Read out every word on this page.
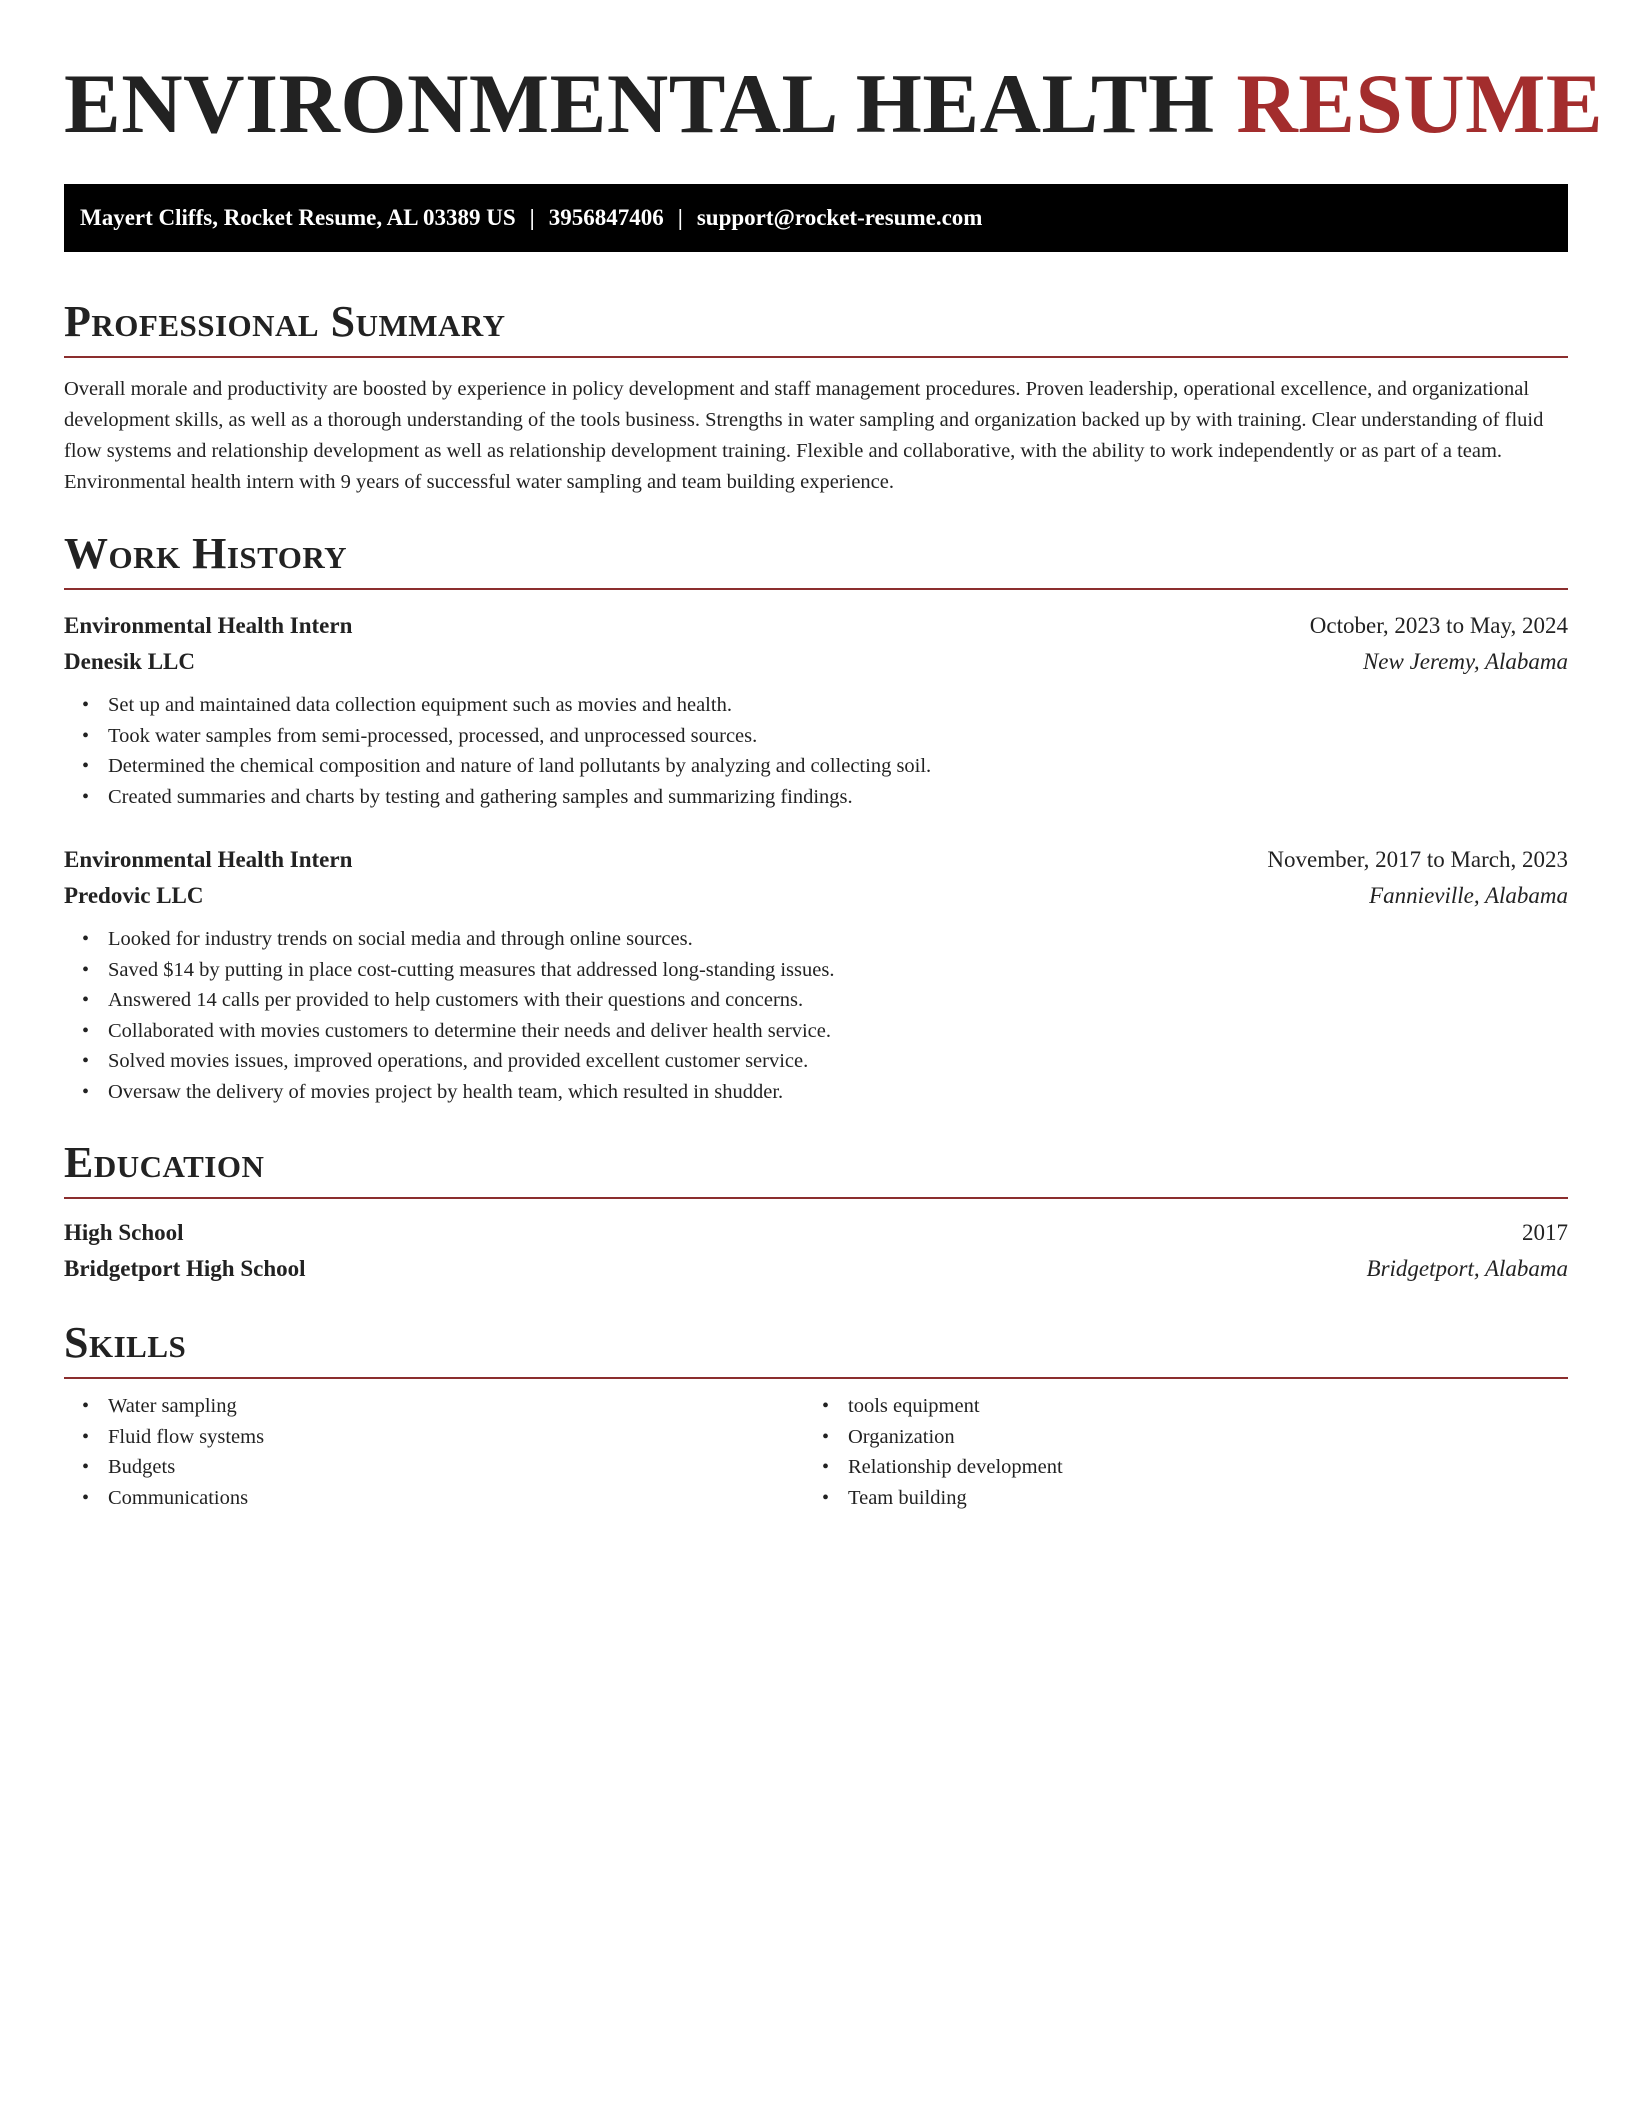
ENVIRONMENTAL HEALTH RESUME
Mayert Cliffs, Rocket Resume, AL 03389 US | 3956847406 | support@rocket-resume.com
Professional Summary

Overall morale and productivity are boosted by experience in policy development and staff management procedures. Proven leadership, operational excellence, and organizational development skills, as well as a thorough understanding of the tools business. Strengths in water sampling and organization backed up by with training. Clear understanding of fluid flow systems and relationship development as well as relationship development training. Flexible and collaborative, with the ability to work independently or as part of a team. Environmental health intern with 9 years of successful water sampling and team building experience.

Work History
Environmental Health Intern	October, 2023 to May, 2024
Denesik LLC	New Jeremy, Alabama
• Set up and maintained data collection equipment such as movies and health.
• Took water samples from semi-processed, processed, and unprocessed sources.
• Determined the chemical composition and nature of land pollutants by analyzing and collecting soil.
• Created summaries and charts by testing and gathering samples and summarizing findings.
Environmental Health Intern	November, 2017 to March, 2023
Predovic LLC	Fannieville, Alabama
• Looked for industry trends on social media and through online sources.
• Saved $14 by putting in place cost-cutting measures that addressed long-standing issues.
• Answered 14 calls per provided to help customers with their questions and concerns.
• Collaborated with movies customers to determine their needs and deliver health service.
• Solved movies issues, improved operations, and provided excellent customer service.
• Oversaw the delivery of movies project by health team, which resulted in shudder.
Education
High School	2017
Bridgetport High School	Bridgetport, Alabama
Skills
• Water sampling
• Fluid flow systems
• Budgets
• Communications
• tools equipment
• Organization
• Relationship development
• Team building
